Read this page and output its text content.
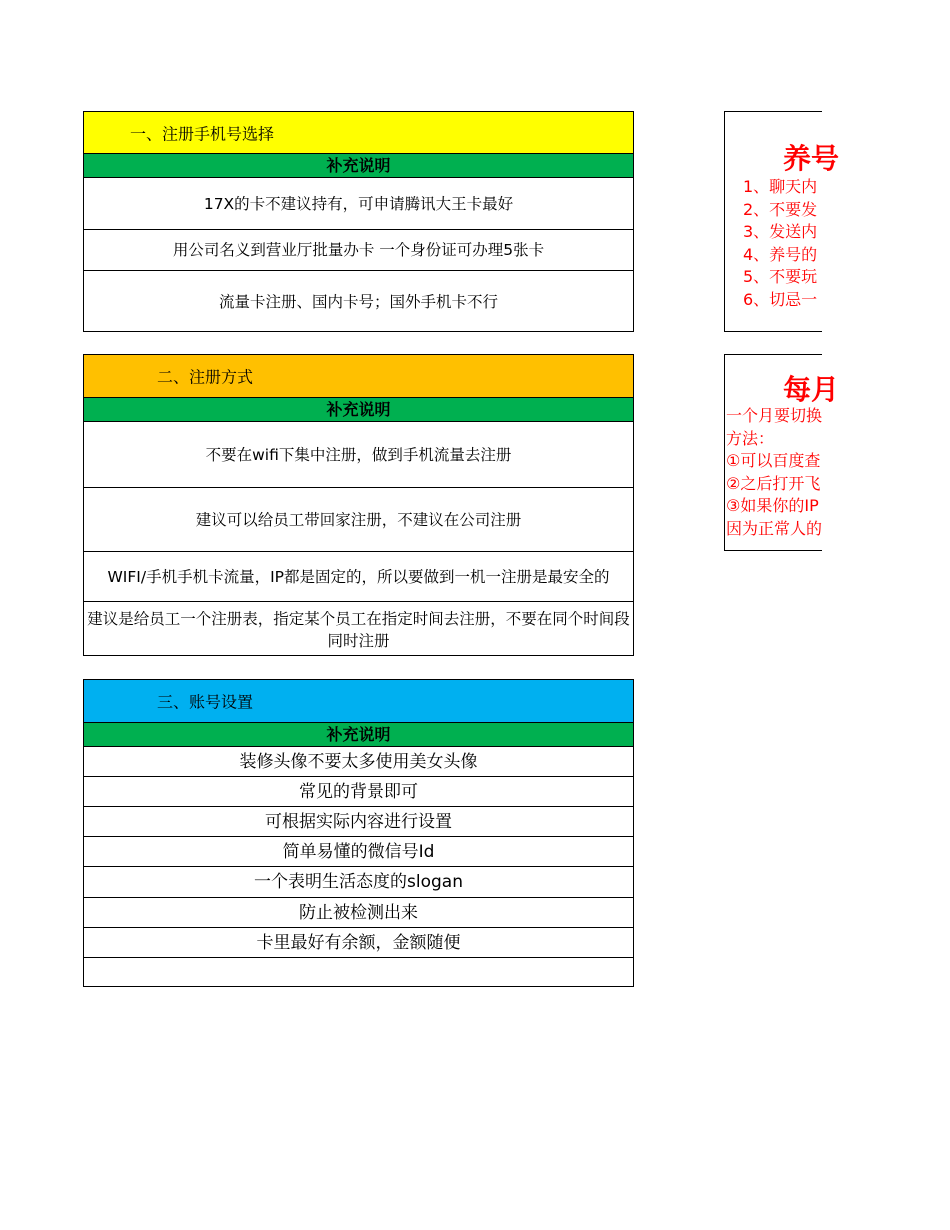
一、注册手机号选择
补充说明
17X的卡不建议持有，可申请腾讯大王卡最好
用公司名义到营业厅批量办卡 一个身份证可办理5张卡
流量卡注册、国内卡号；国外手机卡不行
二、注册方式
补充说明
不要在wifi下集中注册，做到手机流量去注册
建议可以给员工带回家注册，不建议在公司注册
WIFI/手机手机卡流量，IP都是固定的，所以要做到一机一注册是最安全的
建议是给员工一个注册表，指定某个员工在指定时间去注册，不要在同个时间段同时注册
三、账号设置
补充说明
装修头像不要太多使用美女头像
常见的背景即可
可根据实际内容进行设置
简单易懂的微信号Id
一个表明生活态度的slogan
防止被检测出来
卡里最好有余额，金额随便
养号
1、聊天内
2、不要发
3、发送内
4、养号的
5、不要玩
6、切忌一
每月
一个月要切换
方法：
①可以百度查
②之后打开飞
③如果你的IP
因为正常人的
